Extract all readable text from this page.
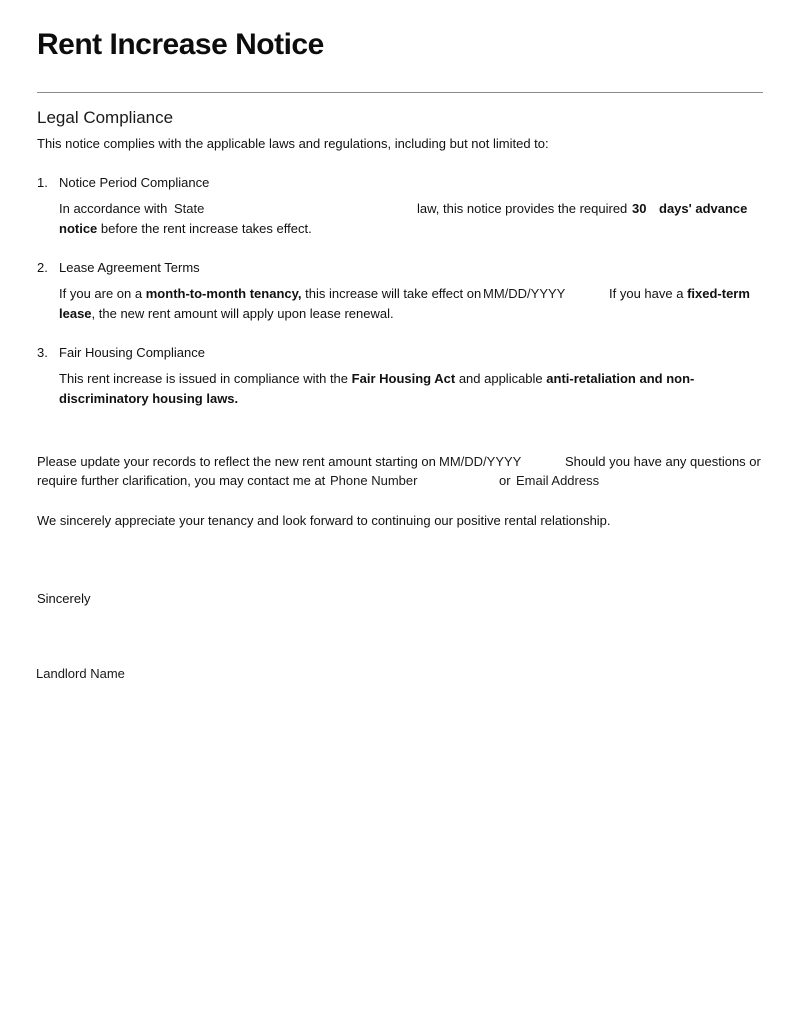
Rent Increase Notice
Legal Compliance
This notice complies with the applicable laws and regulations, including but not limited to:
1. Notice Period Compliance
In accordance with State	law, this notice provides the required 30 days' advance
notice before the rent increase takes effect.
2. Lease Agreement Terms
If you are on a month-to-month tenancy, this increase will take effect on MM/DD/YYYY	If you have a fixed-term
lease, the new rent amount will apply upon lease renewal.
3. Fair Housing Compliance
This rent increase is issued in compliance with the Fair Housing Act and applicable anti-retaliation and non-
discriminatory housing laws.
Please update your records to reflect the new rent amount starting on MM/DD/YYYY	Should you have any questions or
require further clarification, you may contact me at Phone Number	or Email Address
We sincerely appreciate your tenancy and look forward to continuing our positive rental relationship.
Sincerely
Landlord Name
